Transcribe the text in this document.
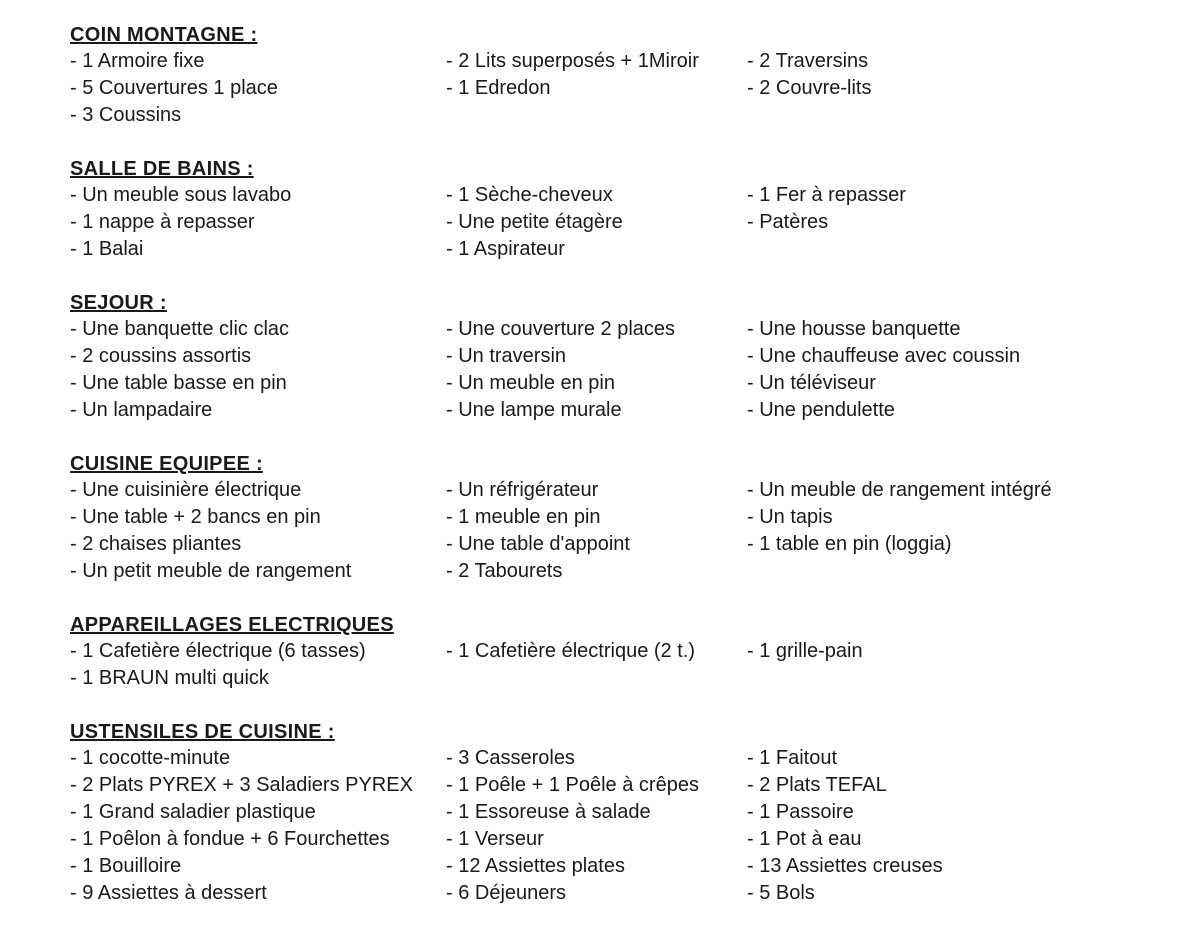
COIN MONTAGNE :
- 1 Armoire fixe	- 2 Lits superposés + 1Miroir	- 2 Traversins
- 5 Couvertures 1 place	- 1 Edredon	- 2 Couvre-lits
- 3 Coussins
SALLE DE BAINS :
- Un meuble sous lavabo	- 1 Sèche-cheveux	- 1 Fer à repasser
- 1 nappe à repasser	- Une petite étagère	- Patères
- 1 Balai	- 1 Aspirateur
SEJOUR :
- Une banquette clic clac	- Une couverture 2 places	- Une housse banquette
- 2 coussins assortis	- Un traversin	- Une chauffeuse avec coussin
- Une table basse en pin	- Un meuble en pin	- Un téléviseur
- Un lampadaire	- Une lampe murale	- Une pendulette
CUISINE EQUIPEE :
- Une cuisinière électrique	- Un réfrigérateur	- Un meuble de rangement intégré
- Une table + 2 bancs en pin	- 1 meuble en pin	- Un tapis
- 2 chaises pliantes	- Une table d'appoint	- 1 table en pin (loggia)
- Un petit meuble de rangement	- 2 Tabourets
APPAREILLAGES ELECTRIQUES
- 1 Cafetière électrique (6 tasses)	- 1 Cafetière électrique (2 t.)	- 1 grille-pain
- 1 BRAUN multi quick
USTENSILES DE CUISINE :
- 1 cocotte-minute	- 3 Casseroles	- 1 Faitout
- 2 Plats PYREX + 3 Saladiers PYREX	- 1 Poêle + 1 Poêle à crêpes	- 2 Plats TEFAL
- 1 Grand saladier plastique	- 1 Essoreuse à salade	- 1 Passoire
- 1 Poêlon à fondue + 6 Fourchettes	- 1 Verseur	- 1 Pot à eau
- 1 Bouilloire	- 12 Assiettes plates	- 13 Assiettes creuses
- 9 Assiettes à dessert	- 6 Déjeuners	- 5 Bols
